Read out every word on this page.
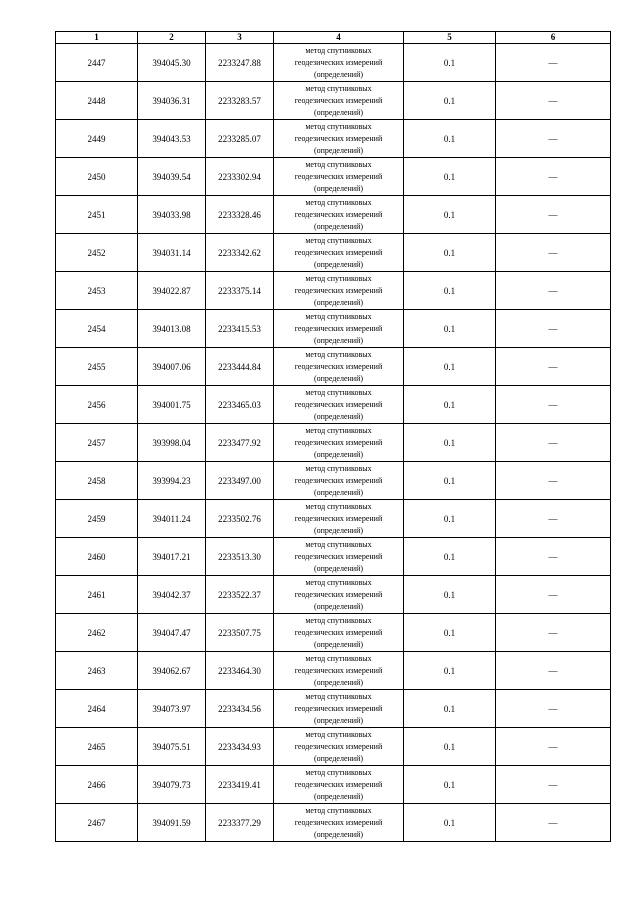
1	2	3	4	5	6
2447	394045.30	2233247.88	метод спутниковых
геодезических измерений
(определений)	0.1	—
2448	394036.31	2233283.57	метод спутниковых
геодезических измерений
(определений)	0.1	—
2449	394043.53	2233285.07	метод спутниковых
геодезических измерений
(определений)	0.1	—
2450	394039.54	2233302.94	метод спутниковых
геодезических измерений
(определений)	0.1	—
2451	394033.98	2233328.46	метод спутниковых
геодезических измерений
(определений)	0.1	—
2452	394031.14	2233342.62	метод спутниковых
геодезических измерений
(определений)	0.1	—
2453	394022.87	2233375.14	метод спутниковых
геодезических измерений
(определений)	0.1	—
2454	394013.08	2233415.53	метод спутниковых
геодезических измерений
(определений)	0.1	—
2455	394007.06	2233444.84	метод спутниковых
геодезических измерений
(определений)	0.1	—
2456	394001.75	2233465.03	метод спутниковых
геодезических измерений
(определений)	0.1	—
2457	393998.04	2233477.92	метод спутниковых
геодезических измерений
(определений)	0.1	—
2458	393994.23	2233497.00	метод спутниковых
геодезических измерений
(определений)	0.1	—
2459	394011.24	2233502.76	метод спутниковых
геодезических измерений
(определений)	0.1	—
2460	394017.21	2233513.30	метод спутниковых
геодезических измерений
(определений)	0.1	—
2461	394042.37	2233522.37	метод спутниковых
геодезических измерений
(определений)	0.1	—
2462	394047.47	2233507.75	метод спутниковых
геодезических измерений
(определений)	0.1	—
2463	394062.67	2233464.30	метод спутниковых
геодезических измерений
(определений)	0.1	—
2464	394073.97	2233434.56	метод спутниковых
геодезических измерений
(определений)	0.1	—
2465	394075.51	2233434.93	метод спутниковых
геодезических измерений
(определений)	0.1	—
2466	394079.73	2233419.41	метод спутниковых
геодезических измерений
(определений)	0.1	—
2467	394091.59	2233377.29	метод спутниковых
геодезических измерений
(определений)	0.1	—
